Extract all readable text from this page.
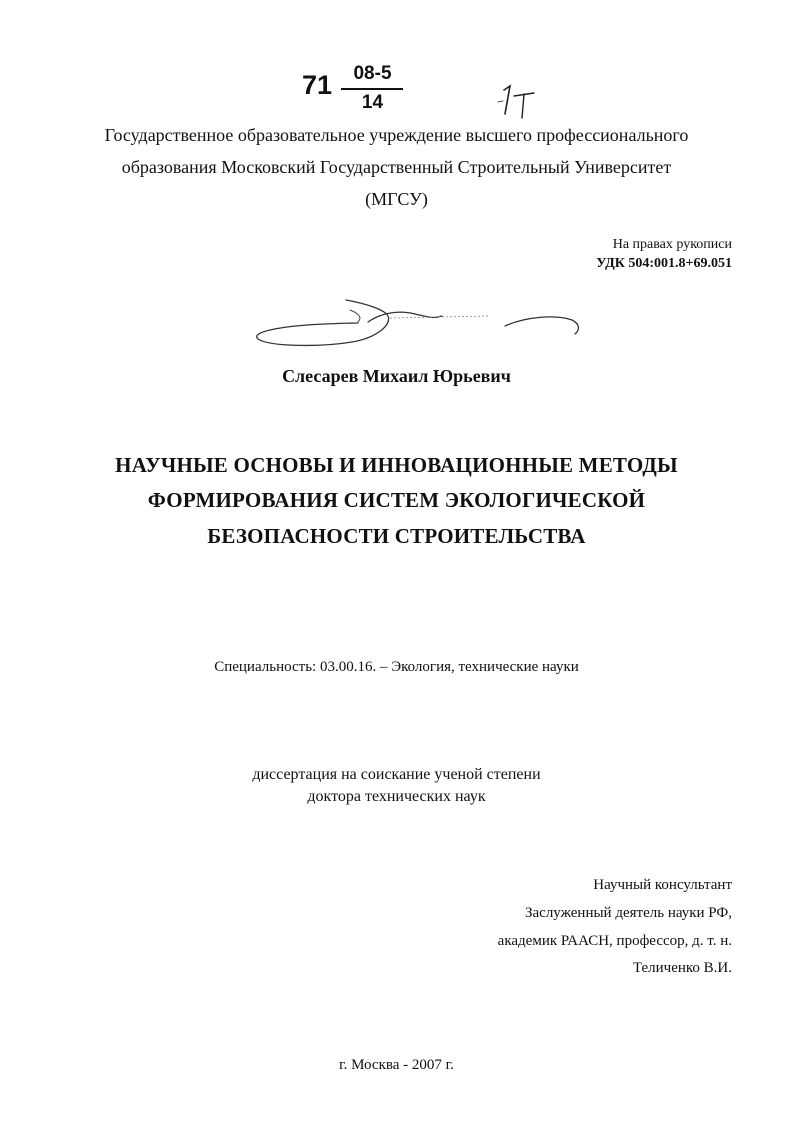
71 08-5
14
Государственное образовательное учреждение высшего профессионального
образования Московский Государственный Строительный Университет
(МГСУ)
На правах рукописи
УДК 504:001.8+69.051
Слесарев Михаил Юрьевич
НАУЧНЫЕ ОСНОВЫ И ИННОВАЦИОННЫЕ МЕТОДЫ
ФОРМИРОВАНИЯ СИСТЕМ ЭКОЛОГИЧЕСКОЙ
БЕЗОПАСНОСТИ СТРОИТЕЛЬСТВА
Специальность: 03.00.16. – Экология, технические науки
диссертация на соискание ученой степени
доктора технических наук
Научный консультант
Заслуженный деятель науки РФ,
академик РААСН, профессор, д. т. н.
Теличенко В.И.
г. Москва - 2007 г.
